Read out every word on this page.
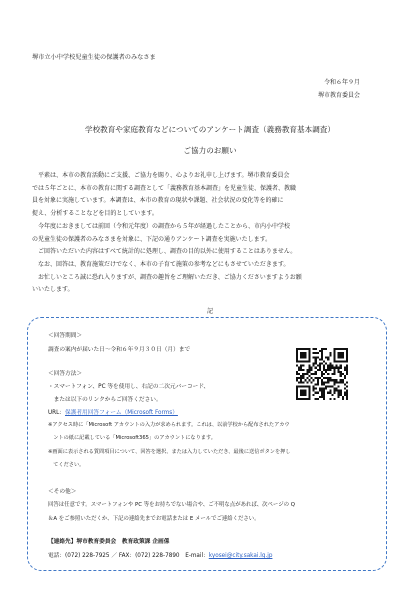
堺市立小中学校児童生徒の保護者のみなさま
令和６年９月
堺市教育委員会
学校教育や家庭教育などについてのアンケート調査（義務教育基本調査）
ご協力のお願い

　平素は、本市の教育活動にご支援、ご協力を賜り、心よりお礼申し上げます。堺市教育委員会

では５年ごとに、本市の教育に関する調査として「義務教育基本調査」を児童生徒、保護者、教職

員を対象に実施しています。本調査は、本市の教育の現状や課題、社会状況の変化等を的確に

捉え、分析することなどを目的としています。

　今年度におきましては前回（令和元年度）の調査から５年が経過したことから、市内小中学校

の児童生徒の保護者のみなさまを対象に、下記の通りアンケート調査を実施いたします。

　ご回答いただいた内容はすべて統計的に処理し、調査の目的以外に使用することはありません。

　なお、回答は、教育施策だけでなく、本市の子育て施策の参考などにもさせていただきます。

　お忙しいところ誠に恐れ入りますが、調査の趣旨をご理解いただき、ご協力くださいますようお願

いいたします。

記
＜回答期間＞
調査の案内が届いた日～令和６年９月３０日（月）まで
＜回答方法＞
・スマートフォン、PC 等を使用し、右記の二次元バーコード、
　または以下のリンクからご回答ください。
URL：保護者用回答フォーム（Microsoft Forms）
※アクセス時に「Microsoft アカウントの入力が求められます。これは、以前学校から配布されたアカウ
　ントの紙に記載している「Microsoft365」のアカウントになります。
※画面に表示される質問項目について、回答を選択、または入力していただき、最後に送信ボタンを押し
　てください。
＜その他＞
回答は任意です。スマートフォンや PC 等をお持ちでない場合や、ご不明な点があれば、次ページの Q
＆A をご参照いただくか、下記の連絡先までお電話または E メールでご連絡ください。
【連絡先】堺市教育委員会　教育政策課 企画係
電話：(072) 228-7925 ／ FAX：(072) 228-7890　E-mail：kyosei@city.sakai.lg.jp
